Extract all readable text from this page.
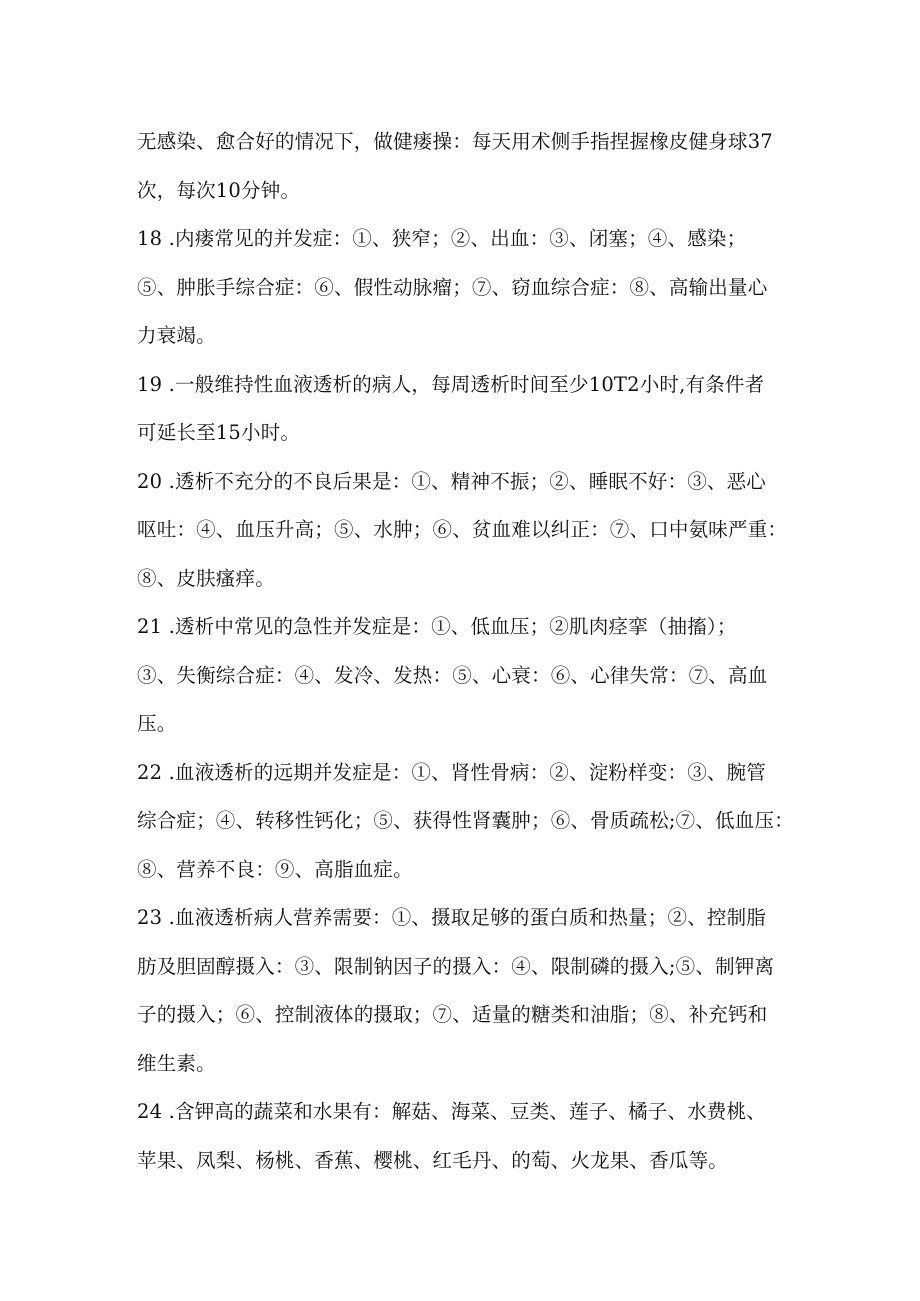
无感染、愈合好的情况下，做健瘘操：每天用术侧手指捏握橡皮健身球37
次，每次10分钟。
18 .内瘘常见的并发症：①、狭窄；②、出血：③、闭塞；④、感染；
⑤、肿胀手综合症：⑥、假性动脉瘤；⑦、窃血综合症：⑧、高输出量心
力衰竭。
19 .一般维持性血液透析的病人，每周透析时间至少10T2小时,有条件者
可延长至15小时。
20 .透析不充分的不良后果是：①、精神不振；②、睡眠不好：③、恶心
呕吐：④、血压升高；⑤、水肿；⑥、贫血难以纠正：⑦、口中氨味严重：
⑧、皮肤瘙痒。
21 .透析中常见的急性并发症是：①、低血压；②肌肉痉挛（抽搐）；
③、失衡综合症：④、发冷、发热：⑤、心衰：⑥、心律失常：⑦、高血
压。
22 .血液透析的远期并发症是：①、肾性骨病：②、淀粉样变：③、腕管
综合症；④、转移性钙化；⑤、获得性肾囊肿；⑥、骨质疏松;⑦、低血压：
⑧、营养不良：⑨、高脂血症。
23 .血液透析病人营养需要：①、摄取足够的蛋白质和热量；②、控制脂
肪及胆固醇摄入：③、限制钠因子的摄入：④、限制磷的摄入;⑤、制钾离
子的摄入；⑥、控制液体的摄取；⑦、适量的糖类和油脂；⑧、补充钙和
维生素。
24 .含钾高的蔬菜和水果有：解菇、海菜、豆类、莲子、橘子、水费桃、
苹果、凤梨、杨桃、香蕉、樱桃、红毛丹、的萄、火龙果、香瓜等。
